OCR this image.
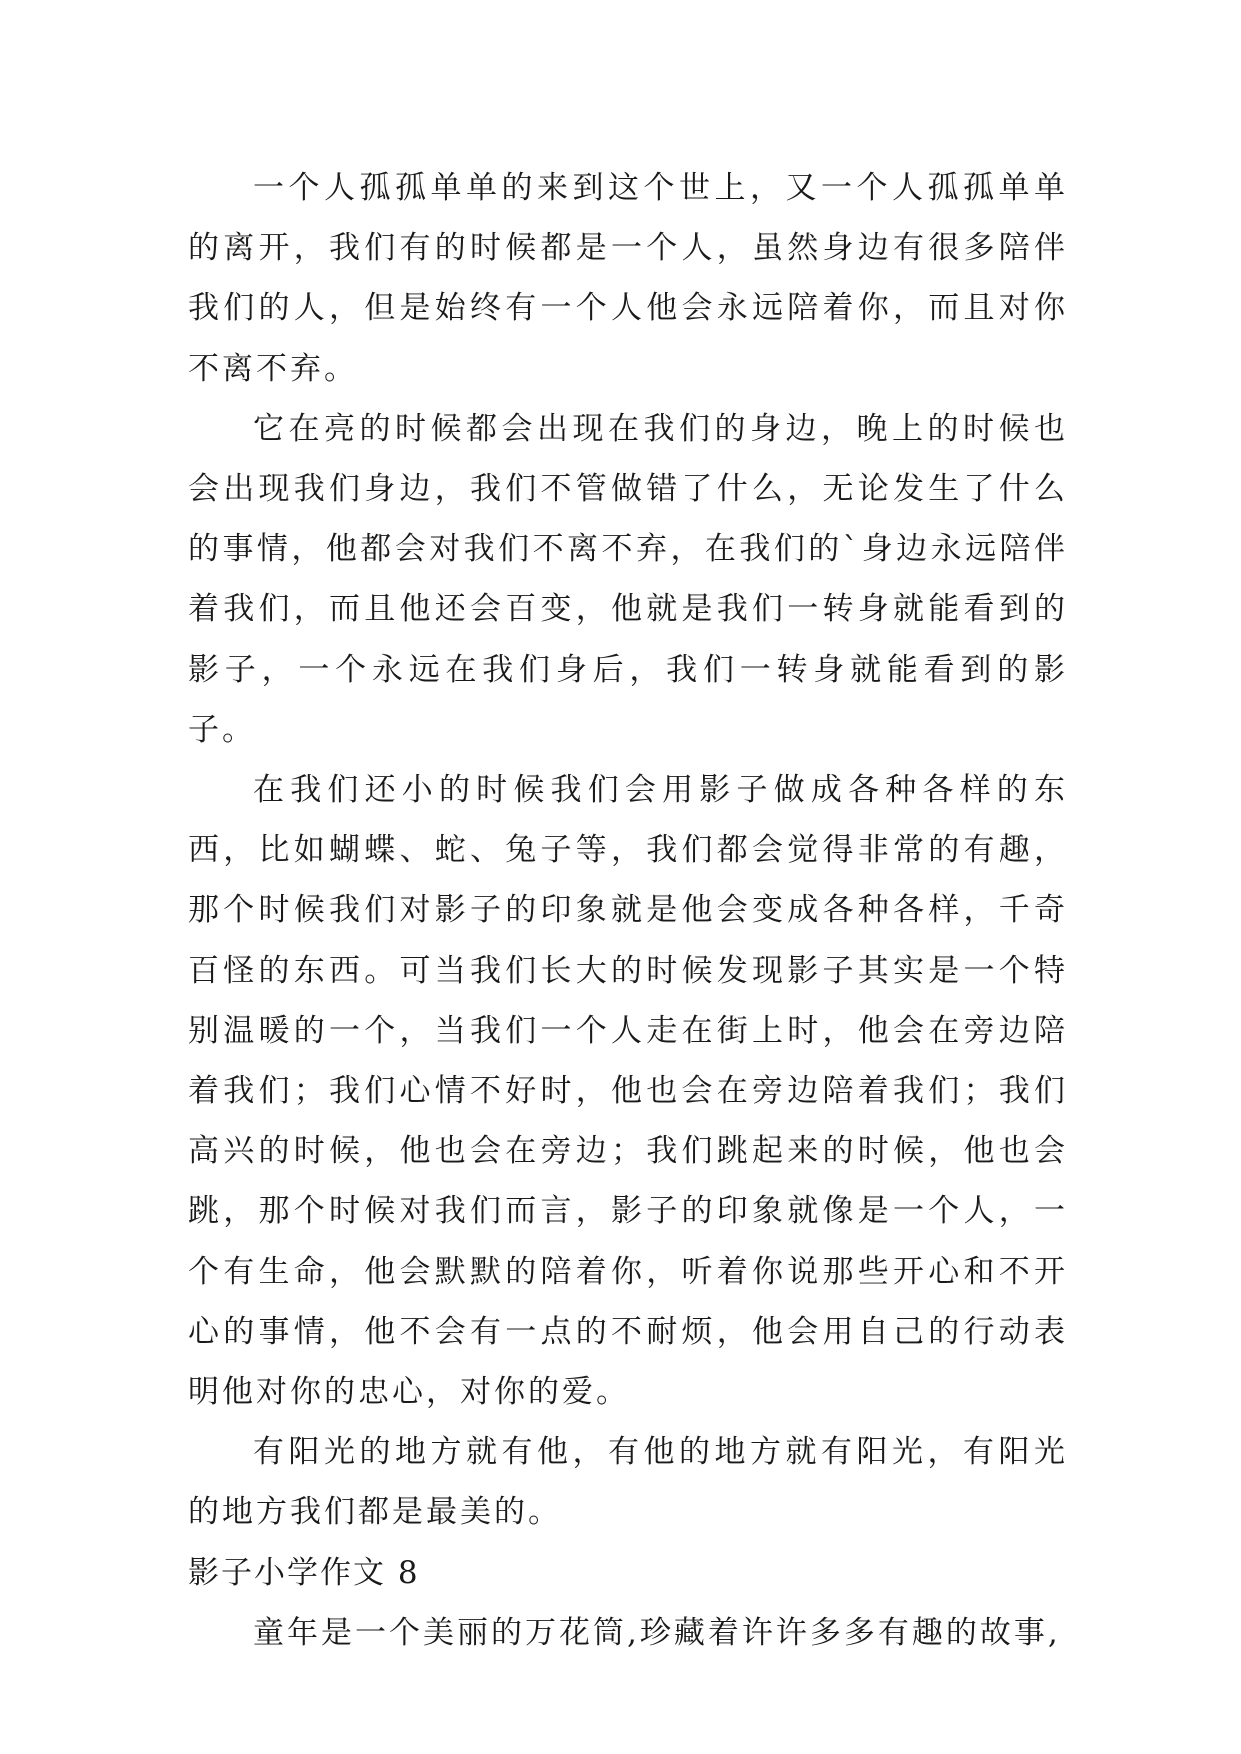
一个人孤孤单单的来到这个世上，又一个人孤孤单单的离开，我们有的时候都是一个人，虽然身边有很多陪伴我们的人，但是始终有一个人他会永远陪着你，而且对你不离不弃。

它在亮的时候都会出现在我们的身边，晚上的时候也会出现我们身边，我们不管做错了什么，无论发生了什么的事情，他都会对我们不离不弃，在我们的`身边永远陪伴着我们，而且他还会百变，他就是我们一转身就能看到的影子，一个永远在我们身后，我们一转身就能看到的影子。

在我们还小的时候我们会用影子做成各种各样的东西，比如蝴蝶、蛇、兔子等，我们都会觉得非常的有趣，那个时候我们对影子的印象就是他会变成各种各样，千奇百怪的东西。可当我们长大的时候发现影子其实是一个特别温暖的一个，当我们一个人走在街上时，他会在旁边陪着我们；我们心情不好时，他也会在旁边陪着我们；我们高兴的时候，他也会在旁边；我们跳起来的时候，他也会跳，那个时候对我们而言，影子的印象就像是一个人，一个有生命，他会默默的陪着你，听着你说那些开心和不开心的事情，他不会有一点的不耐烦，他会用自己的行动表明他对你的忠心，对你的爱。

有阳光的地方就有他，有他的地方就有阳光，有阳光的地方我们都是最美的。

影子小学作文 8

童年是一个美丽的万花筒,珍藏着许许多多有趣的故事,
